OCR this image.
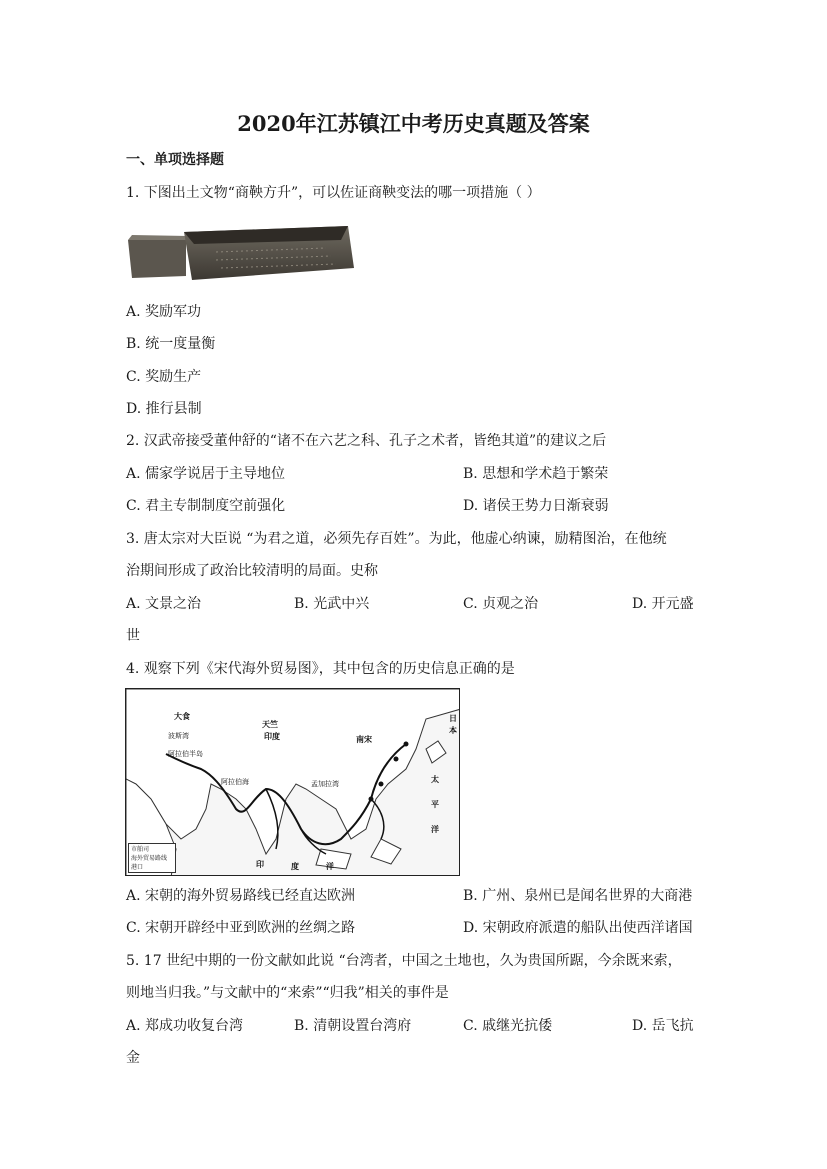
2020年江苏镇江中考历史真题及答案
一、单项选择题
1. 下图出土文物“商鞅方升”，可以佐证商鞅变法的哪一项措施（ ）
A. 奖励军功
B. 统一度量衡
C. 奖励生产
D. 推行县制
2. 汉武帝接受董仲舒的“诸不在六艺之科、孔子之术者，皆绝其道”的建议之后
A. 儒家学说居于主导地位	B. 思想和学术趋于繁荣
C. 君主专制制度空前强化	D. 诸侯王势力日渐衰弱
3. 唐太宗对大臣说 “为君之道，必须先存百姓”。为此，他虚心纳谏，励精图治，在他统
治期间形成了政治比较清明的局面。史称
A. 文景之治	B. 光武中兴	C. 贞观之治	D. 开元盛
世
4. 观察下列《宋代海外贸易图》，其中包含的历史信息正确的是
大食
天竺
印度	南宋
印	度	洋
太
平
洋
日
本
阿拉伯半岛
阿拉伯海	孟加拉湾
波斯湾
市舶司
海外贸易路线
港口
A. 宋朝的海外贸易路线已经直达欧洲	B. 广州、泉州已是闻名世界的大商港
C. 宋朝开辟经中亚到欧洲的丝绸之路	D. 宋朝政府派遣的船队出使西洋诸国
5. 17 世纪中期的一份文献如此说 “台湾者，中国之土地也，久为贵国所踞，今余既来索，
则地当归我。”与文献中的“来索”“归我”相关的事件是
A. 郑成功收复台湾	B. 清朝设置台湾府	C. 戚继光抗倭	D. 岳飞抗
金
